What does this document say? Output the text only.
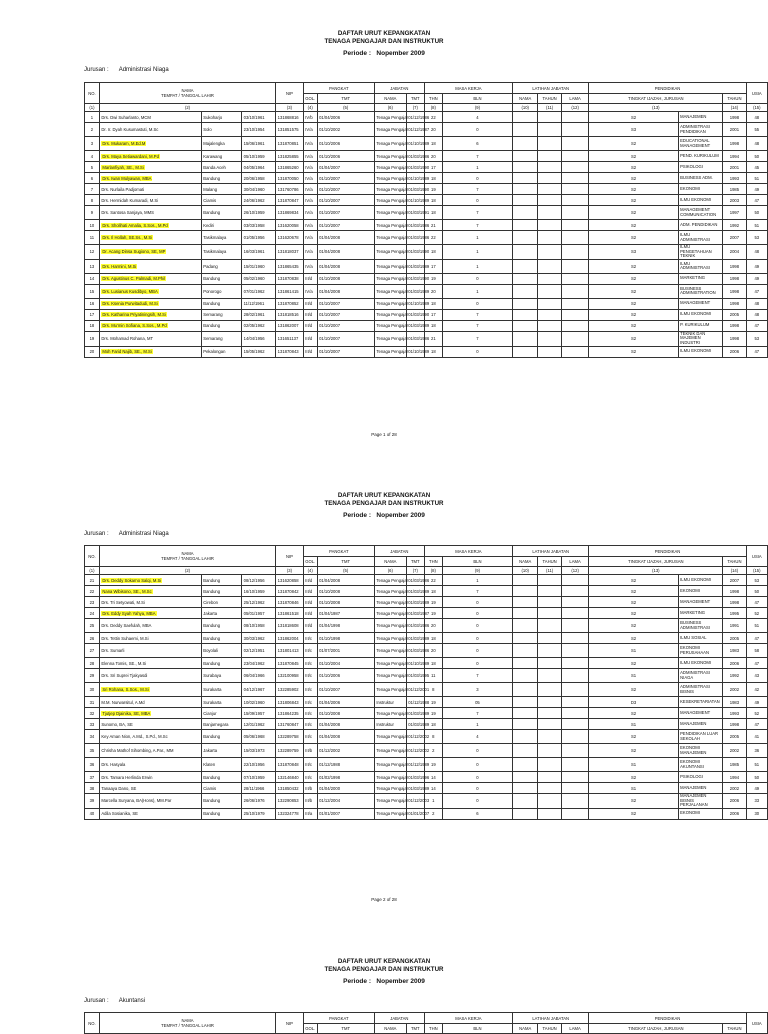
DAFTAR URUT KEPANGKATAN
TENAGA PENGAJAR DAN INSTRUKTUR
Periode :   Nopember 2009
Jurusan : Administrasi Niaga
NO.	NAMA
TEMPAT / TANGGAL LAHIR			NIP	PANGKAT		JABATAN		MASA KERJA		LATIHAN JABATAN			PENDIDIKAN			USIA
					GOL.	TMT	NAMA	TMT	THN	BLN	NAMA	TAHUN	LAMA	TINGKAT IJAZAH, JURUSAN		TAHUN	
(1)	(2)			(3)	(4)	(5)	(6)	(7)	(8)	(9)	(10)	(11)	(12)	(13)		(14)	(15)
1	Drs. Dwi Suharlanto, MCM	Sukoharjo	03/10/1961	131868816	IV/b	01/04/2006	Tenaga Pengajar	01/12/1986	22	4				S2	MANAJEMEN	1998	48
2	Dr. Ir. Dyah Kusumastuti, M.Sc	Solo	23/10/1954	131851575	IV/a	01/10/2002	Tenaga Pengajar	01/12/1987	20	0				S3	ADMINISTRASI PENDIDIKAN	2001	55
3	Drs. Mukaram, M.Ed.M	Majalengka	15/06/1961	131870851	IV/a	01/10/2006	Tenaga Pengajar	01/10/1989	18	6				S2	EDUCATIONAL MANAGEMENT	1998	48
4	Drs. Maya Setiawardani, M.Pd	Karawang	05/10/1959	131825855	IV/a	01/10/2006	Tenaga Pengajar	01/03/1986	20	7				S2	PEND. KURIKULUM	1994	50
5	Marlanfiyah, SE., M.Si	Banda Aceh	04/05/1964	131865260	IV/a	01/04/2007	Tenaga Pengajar	01/03/1990	17	1				S2	PSIKOLOGI	2001	45
6	Drs. Iwan Mulyawan, MBA	Bandung	20/06/1958	131870050	IV/a	01/10/2007	Tenaga Pengajar	01/10/1989	18	0				S2	BUSINESS ADM.	1993	51
7	Drs. Nurlaila Padjomati	Malang	30/04/1960	131760786	IV/a	01/10/2007	Tenaga Pengajar	01/03/1990	19	7				S2	EKONOMI	1985	49
8	Drs. Hermidah Kumaradi, M.Si	Ciamis	24/06/1962	131870847	IV/a	01/10/2007	Tenaga Pengajar	01/10/1989	18	0				S2	ILMU EKONOMI	2003	47
9	Drs. Santosa Sanjaya, MMS	Bandung	26/10/1959	131869834	IV/a	01/10/2007	Tenaga Pengajar	01/03/1991	18	7				S2	MANAGEMENT COMMUNICATION	1997	50
10	Drs. Sholihati Amalia, S.Sos., M.Pd	Kediri	03/03/1958	131620058	IV/a	01/10/2007	Tenaga Pengajar	01/03/1986	21	7				S2	ADM. PENDIDIKAN	1992	51
11	Drs. Il Hollah, SE.Ss., M.Si	Tasikmalaya	01/05/1956	131620678	IV/a	01/04/2008	Tenaga Pengajar	01/03/1986	22	1				S2	ILMU ADMINISTRASI	2007	53
12	Dr. Acang Dinsa Sugiono, SE, MP	Tasikmalaya	16/03/1961	131818037	IV/a	01/04/2008	Tenaga Pengajar	01/03/1990	18	1				S3	ILMU PENGETAHUAN TEKNIK	2004	48
13	Drs. Harmini, M.Si	Padang	15/01/1960	131865435	IV/a	01/04/2008	Tenaga Pengajar	01/03/1989	17	1				S2	ILMU ADMINISTRASI	1998	49
14	Drs. Agustinus C. Palmadi, M.Phil	Bandung	05/02/1960	131870838	III/d	01/10/2008	Tenaga Pengajar	01/03/1990	19	0				S2	MARKETING	1998	49
15	Drs. Lusianus Kusdibyo, MBA	Ponorogo	07/01/1962	131861415	IV/a	01/04/2008	Tenaga Pengajar	01/03/1989	20	1				S2	BUSINESS ADMINISTRATION	1998	47
16	Drs. Ksenia Purwitadudi, M.Si	Bandung	11/12/1961	131870852	III/d	01/10/2007	Tenaga Pengajar	01/10/1989	18	0				S2	MANAGEMENT	1998	48
17	Drs. Katharina Priyatiningsih, M.Si	Semarang	28/02/1961	131818516	III/d	01/10/2007	Tenaga Pengajar	01/03/1990	17	7				S2	ILMU EKONOMI	2005	48
18	Drs. Mu'min Sofiana, S.Sos., M.Pd	Bandung	02/05/1962	131862007	III/d	01/10/2007	Tenaga Pengajar	01/03/1989	18	7				S2	P. KURIKULUM	1998	47
19	Drs. Mohamad Rohana, MT	Semarang	14/04/1956	131651137	III/d	01/10/2007	Tenaga Pengajar	01/03/1986	21	7				S2	TEKNIK DAN MAJEMEN INDUSTRI	1998	53
20	Moh Farid Najib, SE., M.Si	Pekalongan	15/05/1962	131870843	III/d	01/10/2007	Tenaga Pengajar	01/10/1989	18	0				S2	ILMU EKONOMI	2006	47
Page 1 of 28
DAFTAR URUT KEPANGKATAN
TENAGA PENGAJAR DAN INSTRUKTUR
Periode :   Nopember 2009
Jurusan : Administrasi Niaga
NO.	NAMA
TEMPAT / TANGGAL LAHIR			NIP	PANGKAT		JABATAN		MASA KERJA		LATIHAN JABATAN			PENDIDIKAN			USIA
					GOL.	TMT	NAMA	TMT	THN	BLN	NAMA	TAHUN	LAMA	TINGKAT IJAZAH, JURUSAN		TAHUN	
(1)	(2)			(3)	(4)	(5)	(6)	(7)	(8)	(9)	(10)	(11)	(12)	(13)		(14)	(15)
21	Drs. Deddy Sokarno Salqi, M.Si	Bandung	08/12/1956	131620858	III/d	01/04/2008	Tenaga Pengajar	01/03/1986	22	1				S2	ILMU EKONOMI	2007	53
22	Nana Wibisono, SE., M.Sc	Bandung	16/10/1959	131870842	III/d	01/10/2008	Tenaga Pengajar	01/03/1989	18	7				S2	EKONOMI	1998	50
23	Drs. Tri Setyowati, M.Si	Cirebon	25/12/1962	131870846	III/d	01/10/2008	Tenaga Pengajar	01/03/1989	19	0				S2	MANAGEMENT	1998	47
24	Drs. Eddy Syah Yahya, MBA	Jakarta	05/01/1957	131861518	III/d	01/04/1987	Tenaga Pengajar	01/03/1987	19	0				S2	MARKETING	1995	52
25	Drs. Deddy Saefulah, MBA	Bandung	08/10/1958	131818608	III/d	01/04/1998	Tenaga Pengajar	01/03/1986	20	0				S2	BUSINESS ADMINISTRASI	1991	51
26	Drs. Tettin Suhaemi, M.Si	Bandung	30/03/1962	131862004	III/c	01/10/1998	Tenaga Pengajar	01/03/1989	18	0				S2	ILMU SOSIAL	2005	47
27	Drs. Sumarli	Boyolali	02/12/1951	131801413	III/c	01/07/2001	Tenaga Pengajar	01/03/1986	20	0				S1	EKONOMI PERUSAHAAN	1983	58
28	Elenna Tomis, SE., M.Si	Bandung	23/04/1962	131870845	III/c	01/10/2004	Tenaga Pengajar	01/10/1989	18	0				S2	ILMU EKONOMI	2006	47
29	Drs. Sri Suprei Tjakyasdi	Surabaya	06/04/1966	132100958	III/c	01/10/2006	Tenaga Pengajar	01/03/1995	11	7				S1	ADMINISTRASI NIAGA	1992	43
30	Sri Rohana, S.Sos., M.Si	Surakarta	04/12/1967	132285902	III/c	01/10/2007	Tenaga Pengajar	01/12/2001	8	3				S2	ADMINISTRASI BISNIS	2002	42
31	M.M. Nurwarsitul, A.Md	Surakarta	10/02/1960	131806843	III/c	01/04/2006	Instruktur	01/12/1988	19	05				D3	KESEKRETARIATAN	1983	49
32	Tjutjep Djainika, SE, MBA	Cianjur	15/09/1957	131864235	III/c	01/10/2008	Tenaga Pengajar	01/03/1989	19	7				S2	MANAGEMENT	1993	52
33	Sunomo, BA, SE	Banjarnegara	12/01/1962	131760847	III/c	01/04/2008	Instruktur	01/03/1989	18	1				S1	MANAJEMEN	1998	47
34	Key Aman Nion, A.Md., S.Pd., M.Sc	Bandung	05/06/1968	132289758	III/c	01/04/2008	Tenaga Pengajar	01/12/2002	8	4				S2	PENDIDIKAN LUAR SEKOLAH	2005	41
35	Chrisha Mathof Sihombing, A.Par., MM	Jakarta	15/03/1973	132289759	III/b	01/12/2002	Tenaga Pengajar	01/12/2002	2	0				S2	EKONOMI MANAJEMEN	2002	36
36	Drs. Hasyala	Klaten	22/10/1956	131870848	III/c	01/12/1988	Tenaga Pengajar	01/12/1989	19	0				S1	EKONOMI AKUNTANSI	1985	51
37	Drs. Tamara Herlinda Erwin	Bandung	07/10/1959	132146840	III/c	01/02/1998	Tenaga Pengajar	01/03/1996	14	0				S2	PSIKOLOGI	1994	50
38	Tanaaya Dano, SE	Ciamis	28/11/1966	131850432	III/b	01/04/2000	Tenaga Pengajar	01/03/1989	14	0				S1	MANAJEMEN	2002	49
39	Marcella Suryana, BA(Hons), MM.Par	Bandung	26/06/1976	132290853	III/b	01/12/2004	Tenaga Pengajar	01/12/2003	1	0				S2	MANAJEMEN BISNIS PERJALANAN	2006	33
40	Adila Sosianika, SE	Bandung	25/10/1979	132324778	III/a	01/01/2007	Tenaga Pengajar	01/01/2007	2	6				S2	EKONOMI	2006	30
Page 2 of 28
DAFTAR URUT KEPANGKATAN
TENAGA PENGAJAR DAN INSTRUKTUR
Periode :   Nopember 2009
Jurusan : Akuntansi
NO.	NAMA
TEMPAT / TANGGAL LAHIR	NIP	PANGKAT		JABATAN		MASA KERJA		LATIHAN JABATAN			PENDIDIKAN		USIA
			GOL.	TMT	NAMA	TMT	THN	BLN	NAMA	TAHUN	LAMA	TINGKAT IJAZAH, JURUSAN	TAHUN	
